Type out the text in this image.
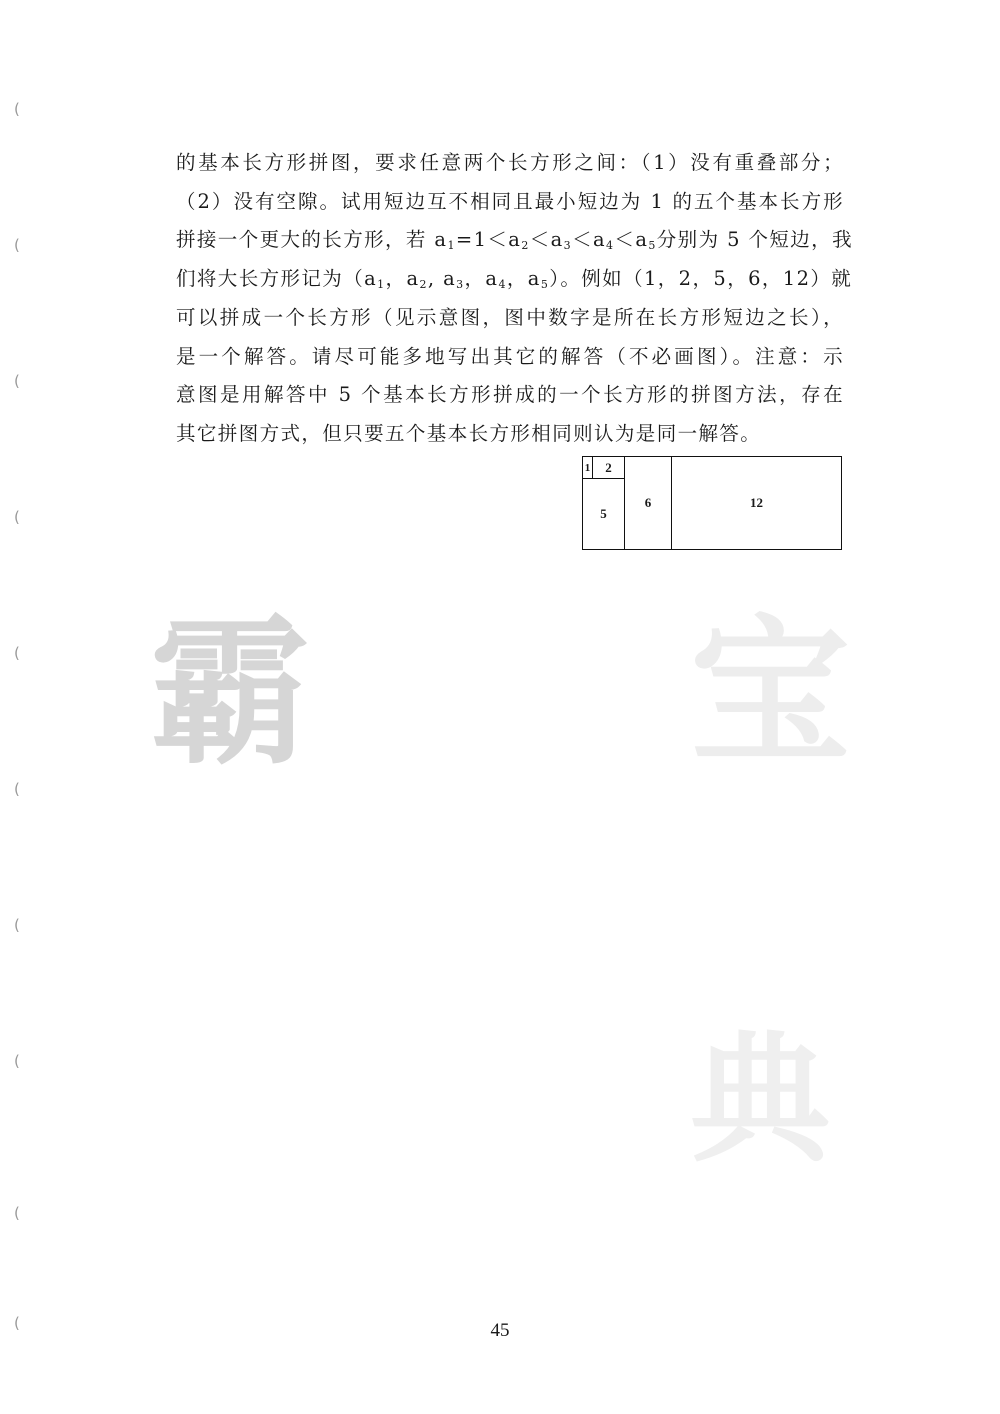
(
(
(
(
(
(
(
(
(
(
霸 宝
典
的基本长方形拼图，要求任意两个长方形之间：（1）没有重叠部分；
（2）没有空隙。试用短边互不相同且最小短边为 1 的五个基本长方形
拼接一个更大的长方形，若 $a_1=1<a_2<a_3<a_4<a_5$分别为 5 个短边，我
们将大长方形记为（$a_1$，$a_2$, $a_3$，$a_4$，$a_5$）。例如（1，2，5，6，12）就
可以拼成一个长方形（见示意图，图中数字是所在长方形短边之长），
是一个解答。请尽可能多地写出其它的解答（不必画图）。注意：示
意图是用解答中 5 个基本长方形拼成的一个长方形的拼图方法，存在
其它拼图方式，但只要五个基本长方形相同则认为是同一解答。
1 2
5
6	12
45
